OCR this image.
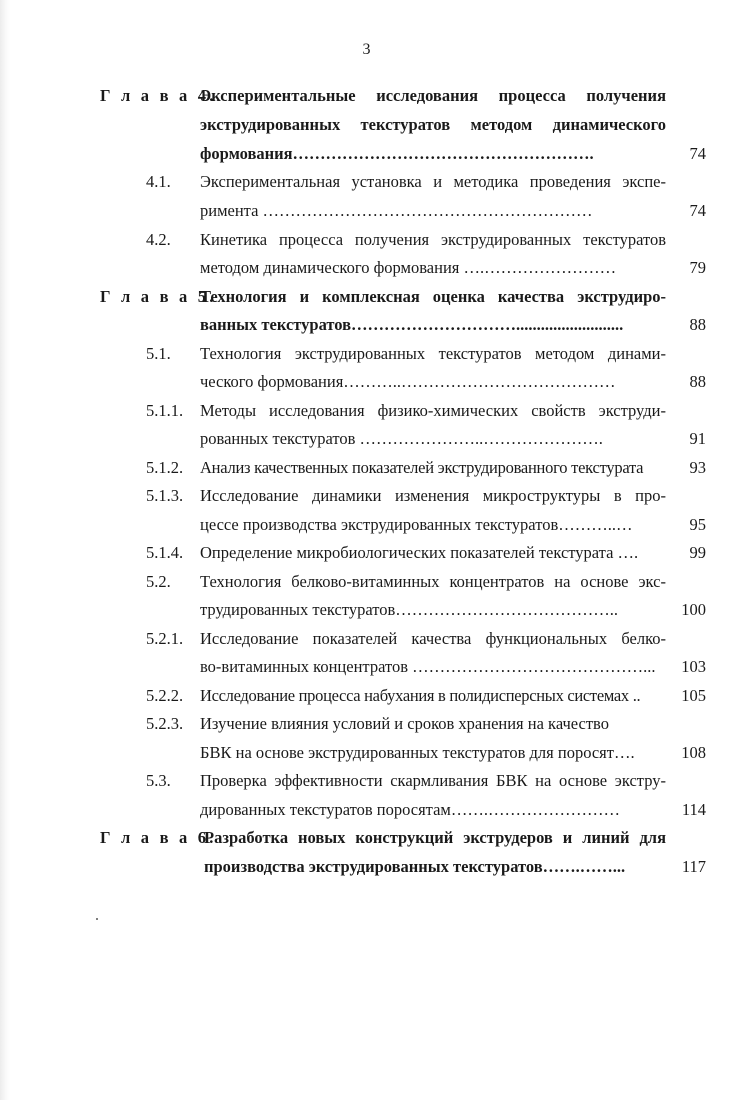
3
Г л а в а 4.
Экспериментальные исследования процесса получения
экструдированных текстуратов методом динамического
формования……………………………………………….	74
4.1. Экспериментальная установка и методика проведения экспе-
римента ……………………………………………………	74
4.2. Кинетика процесса получения экструдированных текстуратов
методом динамического формования ….……………………	79
Г л а в а 5.
Технология и комплексная оценка качества экструдиро-
ванных текстуратов…………………………..........................	88
5.1. Технология экструдированных текстуратов методом динами-
ческого формования………..…………………………………	88
5.1.1. Методы исследования физико-химических свойств экструди-
рованных текстуратов …………………..………………….	91
5.1.2. Анализ качественных показателей экструдированного текстурата	93
5.1.3. Исследование динамики изменения микроструктуры в про-
цессе производства экструдированных текстуратов………..…	95
5.1.4. Определение микробиологических показателей текстурата ….	99
5.2. Технология белково-витаминных концентратов на основе экс-
трудированных текстуратов…………………………………..	100
5.2.1. Исследование показателей качества функциональных белко-
во-витаминных концентратов ……………………………………...	103
5.2.2. Исследование процесса набухания в полидисперсных системах ..	105
5.2.3. Изучение влияния условий и сроков хранения на качество
БВК на основе экструдированных текстуратов для поросят….	108
5.3. Проверка эффективности скармливания БВК на основе экстру-
дированных текстуратов поросятам…….……………………	114
Г л а в а 6.
Разработка новых конструкций экструдеров и линий для
производства экструдированных текстуратов…….……...	117
